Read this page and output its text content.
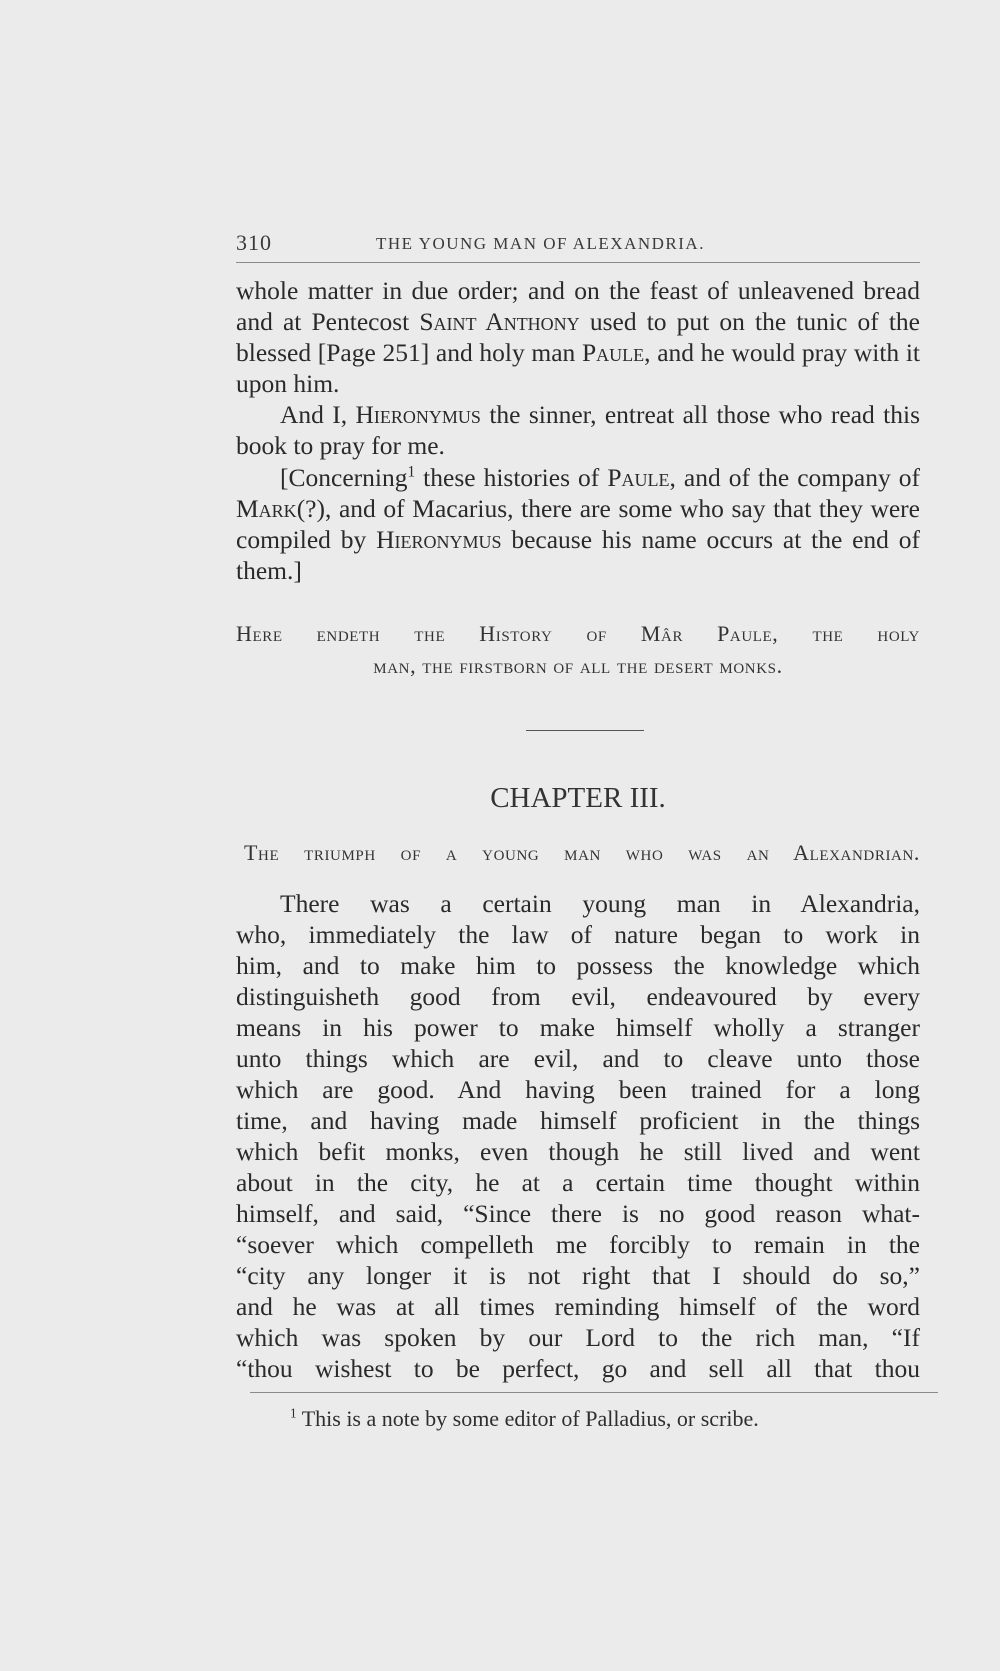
310	THE YOUNG MAN OF ALEXANDRIA.

whole matter in due order; and on the feast of unleavened bread and at Pentecost Saint Anthony used to put on the tunic of the blessed [Page 251] and holy man Paule, and he would pray with it upon him.

And I, Hieronymus the sinner, entreat all those who read this book to pray for me.

[Concerning$^1$ these histories of Paule, and of the company of Mark(?), and of Macarius, there are some who say that they were compiled by Hieronymus because his name occurs at the end of them.]

Here endeth the History of Mâr Paule, the holy
man, the firstborn of all the desert monks.
CHAPTER III.
The triumph of a young man who was an Alexandrian.
There was a certain young man in Alexandria,
who, immediately the law of nature began to work in
him, and to make him to possess the knowledge which
distinguisheth good from evil, endeavoured by every
means in his power to make himself wholly a stranger
unto things which are evil, and to cleave unto those
which are good. And having been trained for a long
time, and having made himself proficient in the things
which befit monks, even though he still lived and went
about in the city, he at a certain time thought within
himself, and said, “Since there is no good reason what-
“soever which compelleth me forcibly to remain in the
“city any longer it is not right that I should do so,”
and he was at all times reminding himself of the word
which was spoken by our Lord to the rich man, “If
“thou wishest to be perfect, go and sell all that thou
$^1$ This is a note by some editor of Palladius, or scribe.
